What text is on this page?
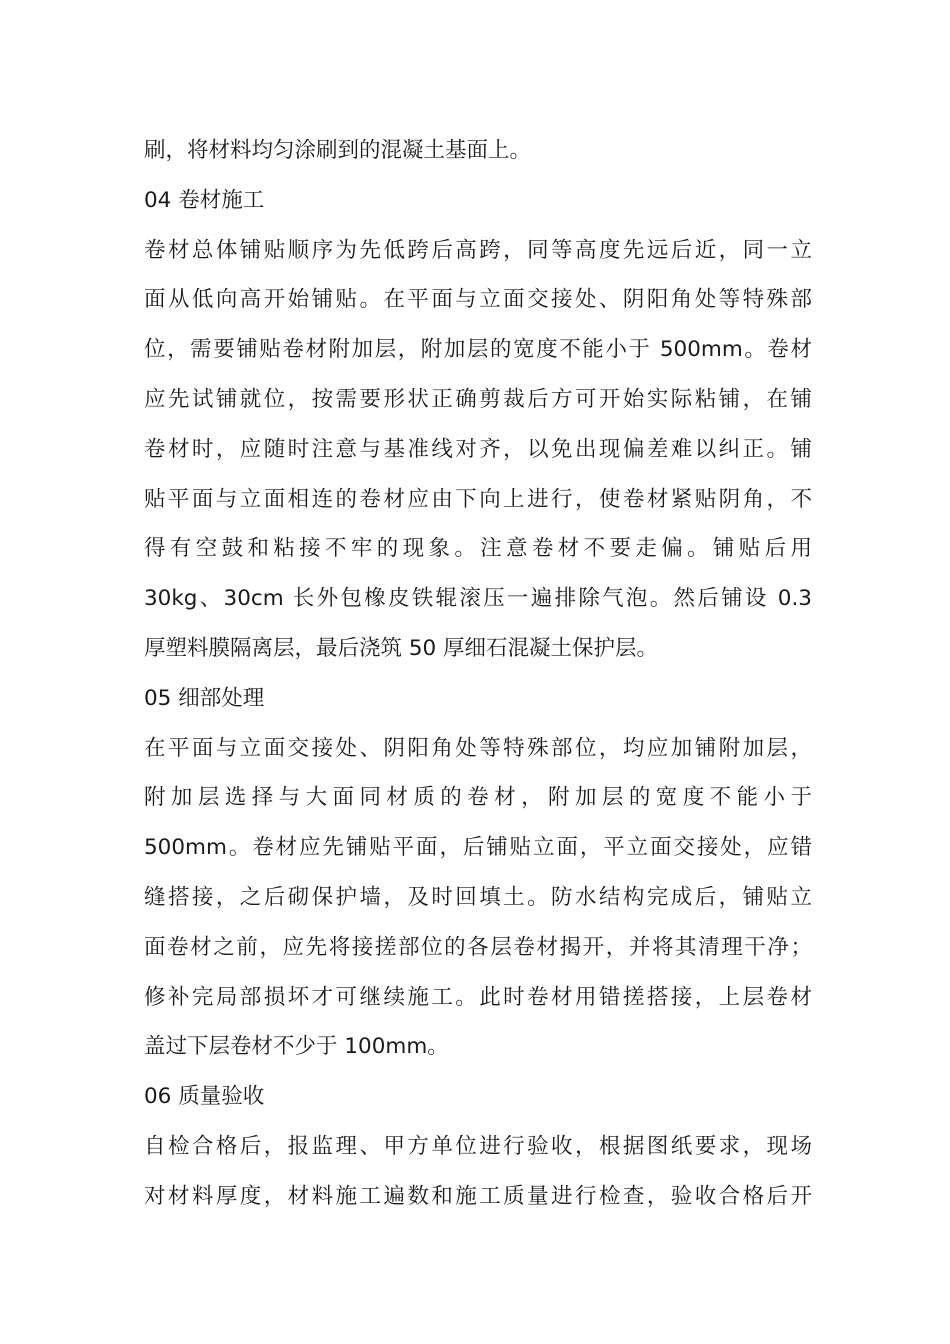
刷，将材料均匀涂刷到的混凝土基面上。
04 卷材施工
卷材总体铺贴顺序为先低跨后高跨，同等高度先远后近，同一立
面从低向高开始铺贴。在平面与立面交接处、阴阳角处等特殊部
位，需要铺贴卷材附加层，附加层的宽度不能小于 500mm。卷材
应先试铺就位，按需要形状正确剪裁后方可开始实际粘铺，在铺
卷材时，应随时注意与基准线对齐，以免出现偏差难以纠正。铺
贴平面与立面相连的卷材应由下向上进行，使卷材紧贴阴角，不
得有空鼓和粘接不牢的现象。注意卷材不要走偏。铺贴后用
30kg、30cm 长外包橡皮铁辊滚压一遍排除气泡。然后铺设 0.3
厚塑料膜隔离层，最后浇筑 50 厚细石混凝土保护层。
05 细部处理
在平面与立面交接处、阴阳角处等特殊部位，均应加铺附加层，
附加层选择与大面同材质的卷材，附加层的宽度不能小于
500mm。卷材应先铺贴平面，后铺贴立面，平立面交接处，应错
缝搭接，之后砌保护墙，及时回填土。防水结构完成后，铺贴立
面卷材之前，应先将接搓部位的各层卷材揭开，并将其清理干净；
修补完局部损坏才可继续施工。此时卷材用错搓搭接，上层卷材
盖过下层卷材不少于 100mm。
06 质量验收
自检合格后，报监理、甲方单位进行验收，根据图纸要求，现场
对材料厚度，材料施工遍数和施工质量进行检查，验收合格后开
